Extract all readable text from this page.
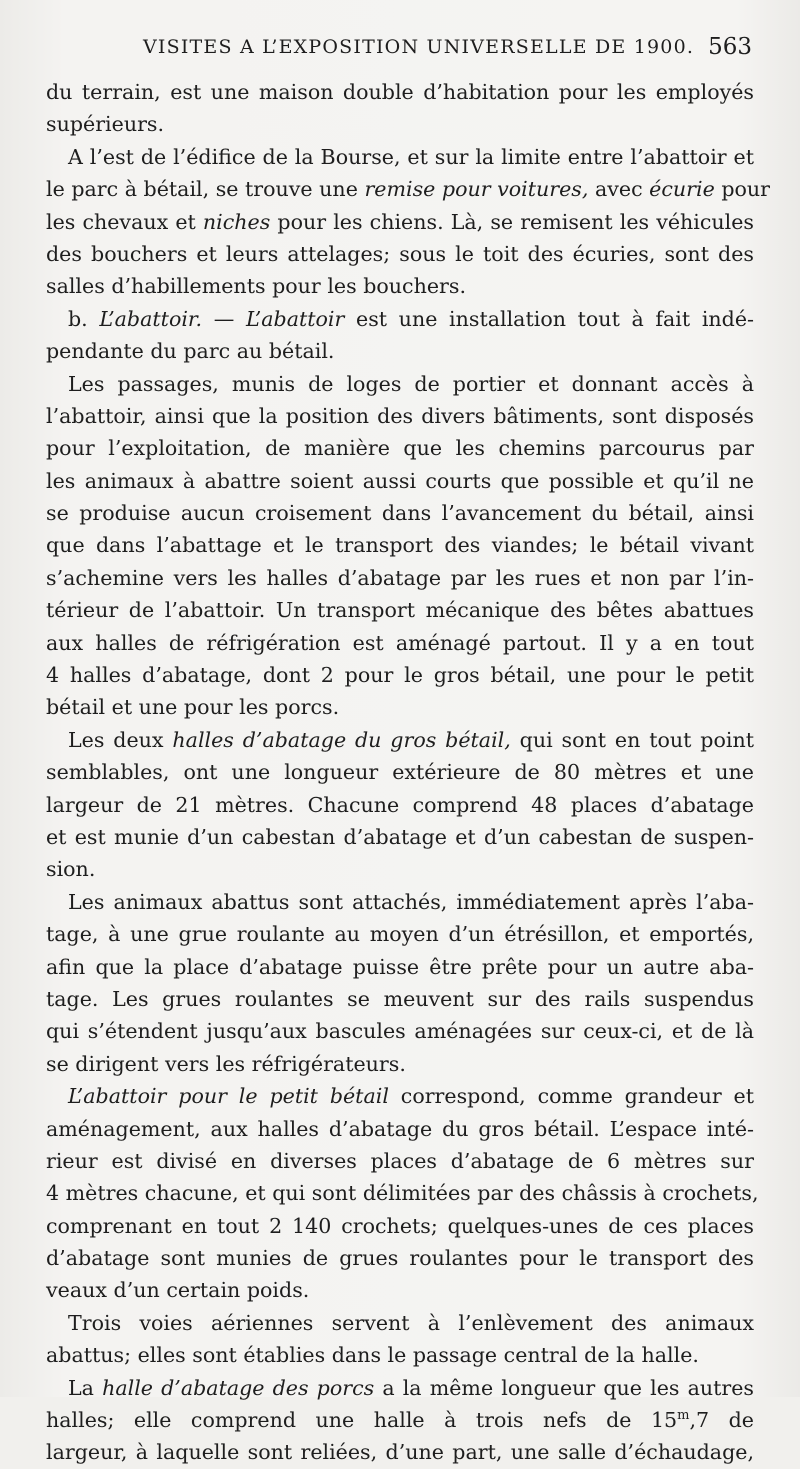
VISITES A L’EXPOSITION UNIVERSELLE DE 1900. 563
du terrain, est une maison double d’habitation pour les employés
supérieurs.
A l’est de l’édifice de la Bourse, et sur la limite entre l’abattoir et
le parc à bétail, se trouve une remise pour voitures, avec écurie pour
les chevaux et niches pour les chiens. Là, se remisent les véhicules
des bouchers et leurs attelages; sous le toit des écuries, sont des
salles d’habillements pour les bouchers.
b. L’abattoir. — L’abattoir est une installation tout à fait indé-
pendante du parc au bétail.
Les passages, munis de loges de portier et donnant accès à
l’abattoir, ainsi que la position des divers bâtiments, sont disposés
pour l’exploitation, de manière que les chemins parcourus par
les animaux à abattre soient aussi courts que possible et qu’il ne
se produise aucun croisement dans l’avancement du bétail, ainsi
que dans l’abattage et le transport des viandes; le bétail vivant
s’achemine vers les halles d’abatage par les rues et non par l’in-
térieur de l’abattoir. Un transport mécanique des bêtes abattues
aux halles de réfrigération est aménagé partout. Il y a en tout
4 halles d’abatage, dont 2 pour le gros bétail, une pour le petit
bétail et une pour les porcs.
Les deux halles d’abatage du gros bétail, qui sont en tout point
semblables, ont une longueur extérieure de 80 mètres et une
largeur de 21 mètres. Chacune comprend 48 places d’abatage
et est munie d’un cabestan d’abatage et d’un cabestan de suspen-
sion.
Les animaux abattus sont attachés, immédiatement après l’aba-
tage, à une grue roulante au moyen d’un étrésillon, et emportés,
afin que la place d’abatage puisse être prête pour un autre aba-
tage. Les grues roulantes se meuvent sur des rails suspendus
qui s’étendent jusqu’aux bascules aménagées sur ceux-ci, et de là
se dirigent vers les réfrigérateurs.
L’abattoir pour le petit bétail correspond, comme grandeur et
aménagement, aux halles d’abatage du gros bétail. L’espace inté-
rieur est divisé en diverses places d’abatage de 6 mètres sur
4 mètres chacune, et qui sont délimitées par des châssis à crochets,
comprenant en tout 2 140 crochets; quelques-unes de ces places
d’abatage sont munies de grues roulantes pour le transport des
veaux d’un certain poids.
Trois voies aériennes servent à l’enlèvement des animaux
abattus; elles sont établies dans le passage central de la halle.
La halle d’abatage des porcs a la même longueur que les autres
halles; elle comprend une halle à trois nefs de 15$^m$,7 de
largeur, à laquelle sont reliées, d’une part, une salle d’échaudage,
